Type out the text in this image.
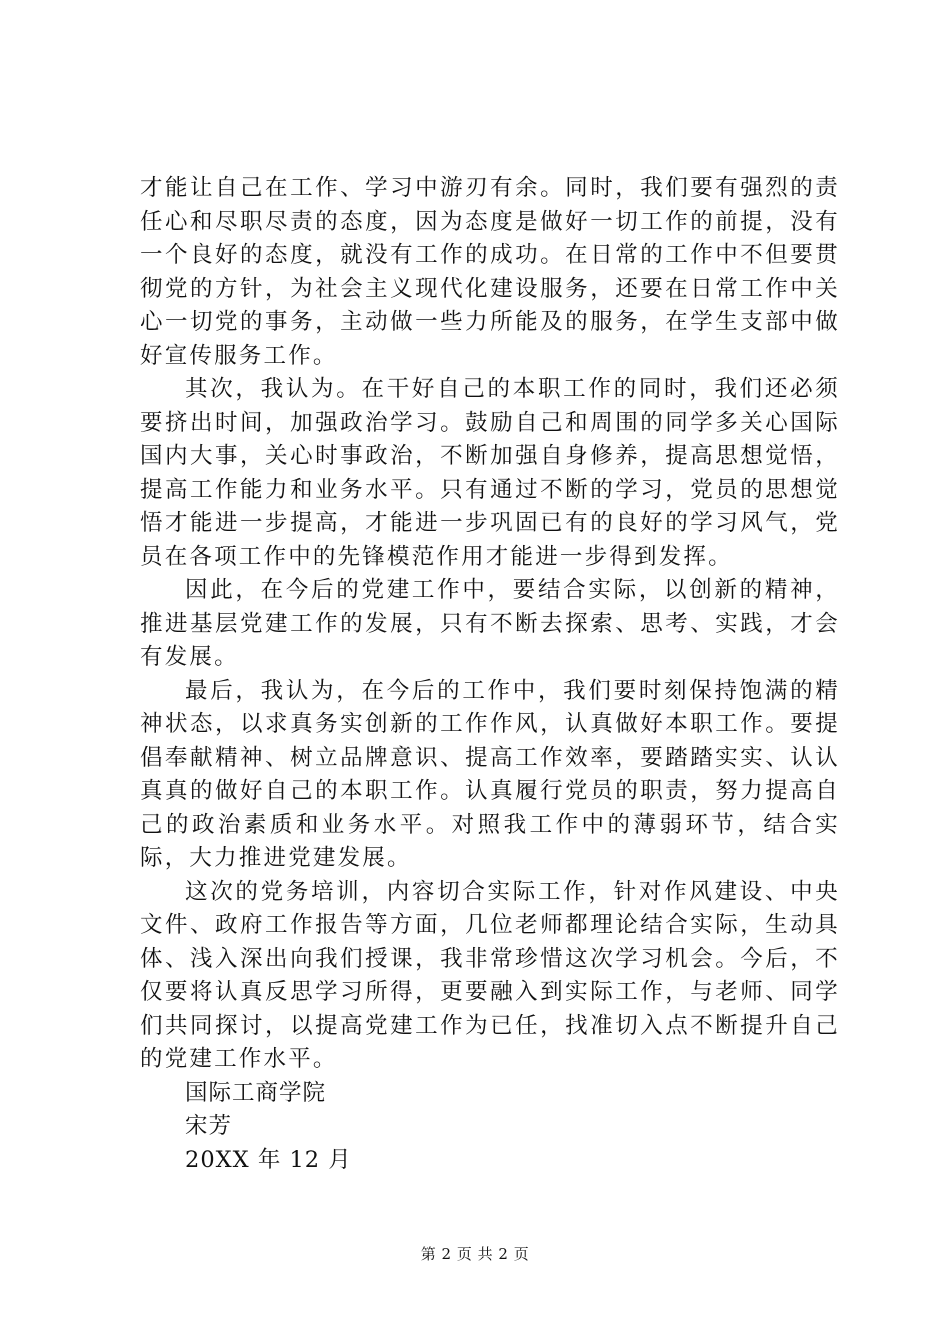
才能让自己在工作、学习中游刃有余。同时，我们要有强烈的责任心和尽职尽责的态度，因为态度是做好一切工作的前提，没有一个良好的态度，就没有工作的成功。在日常的工作中不但要贯彻党的方针，为社会主义现代化建设服务，还要在日常工作中关心一切党的事务，主动做一些力所能及的服务，在学生支部中做好宣传服务工作。

其次，我认为。在干好自己的本职工作的同时，我们还必须要挤出时间，加强政治学习。鼓励自己和周围的同学多关心国际国内大事，关心时事政治，不断加强自身修养，提高思想觉悟，提高工作能力和业务水平。只有通过不断的学习，党员的思想觉悟才能进一步提高，才能进一步巩固已有的良好的学习风气，党员在各项工作中的先锋模范作用才能进一步得到发挥。

因此，在今后的党建工作中，要结合实际，以创新的精神，推进基层党建工作的发展，只有不断去探索、思考、实践，才会有发展。

最后，我认为，在今后的工作中，我们要时刻保持饱满的精神状态，以求真务实创新的工作作风，认真做好本职工作。要提倡奉献精神、树立品牌意识、提高工作效率，要踏踏实实、认认真真的做好自己的本职工作。认真履行党员的职责，努力提高自己的政治素质和业务水平。对照我工作中的薄弱环节，结合实际，大力推进党建发展。

这次的党务培训，内容切合实际工作，针对作风建设、中央文件、政府工作报告等方面，几位老师都理论结合实际，生动具体、浅入深出向我们授课，我非常珍惜这次学习机会。今后，不仅要将认真反思学习所得，更要融入到实际工作，与老师、同学们共同探讨，以提高党建工作为已任，找准切入点不断提升自己的党建工作水平。

国际工商学院

宋芳

20XX 年 12 月

第 2 页 共 2 页
